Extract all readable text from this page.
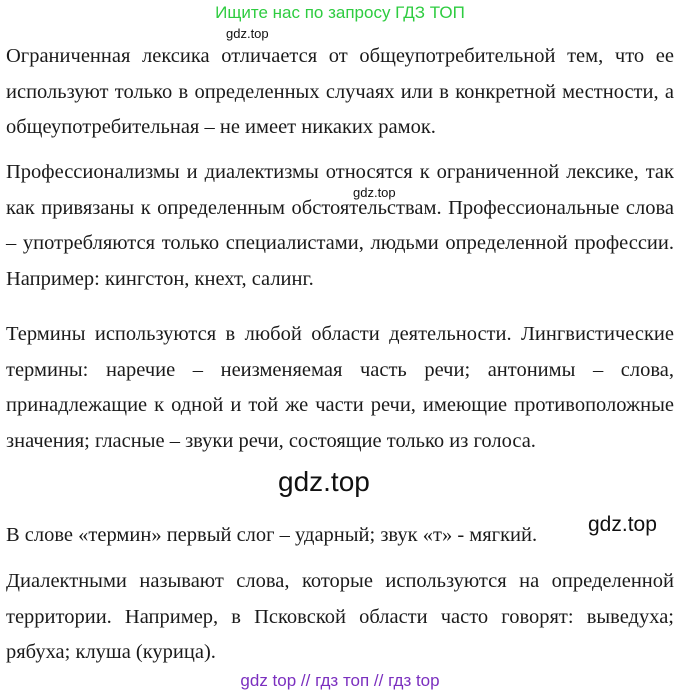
Ищите нас по запросу ГДЗ ТОП
gdz.top

Ограниченная лексика отличается от общеупотребительной тем, что ее используют только в определенных случаях или в конкретной местности, а общеупотребительная – не имеет никаких рамок.

Профессионализмы и диалектизмы относятся к ограниченной лексике, так как привязаны к определенным обстоятельствам. Профессиональные слова – употребляются только специалистами, людьми определенной профессии. Например: кингстон, кнехт, салинг.

gdz.top

Термины используются в любой области деятельности. Лингвистические термины: наречие – неизменяемая часть речи; антонимы – слова, принадлежащие к одной и той же части речи, имеющие противоположные значения; гласные – звуки речи, состоящие только из голоса.

gdz.top

В слове «термин» первый слог – ударный; звук «т» - мягкий.	gdz.top

Диалектными называют слова, которые используются на определенной территории. Например, в Псковской области часто говорят: выведуха; рябуха; клуша (курица).

gdz top // гдз топ // гдз top
